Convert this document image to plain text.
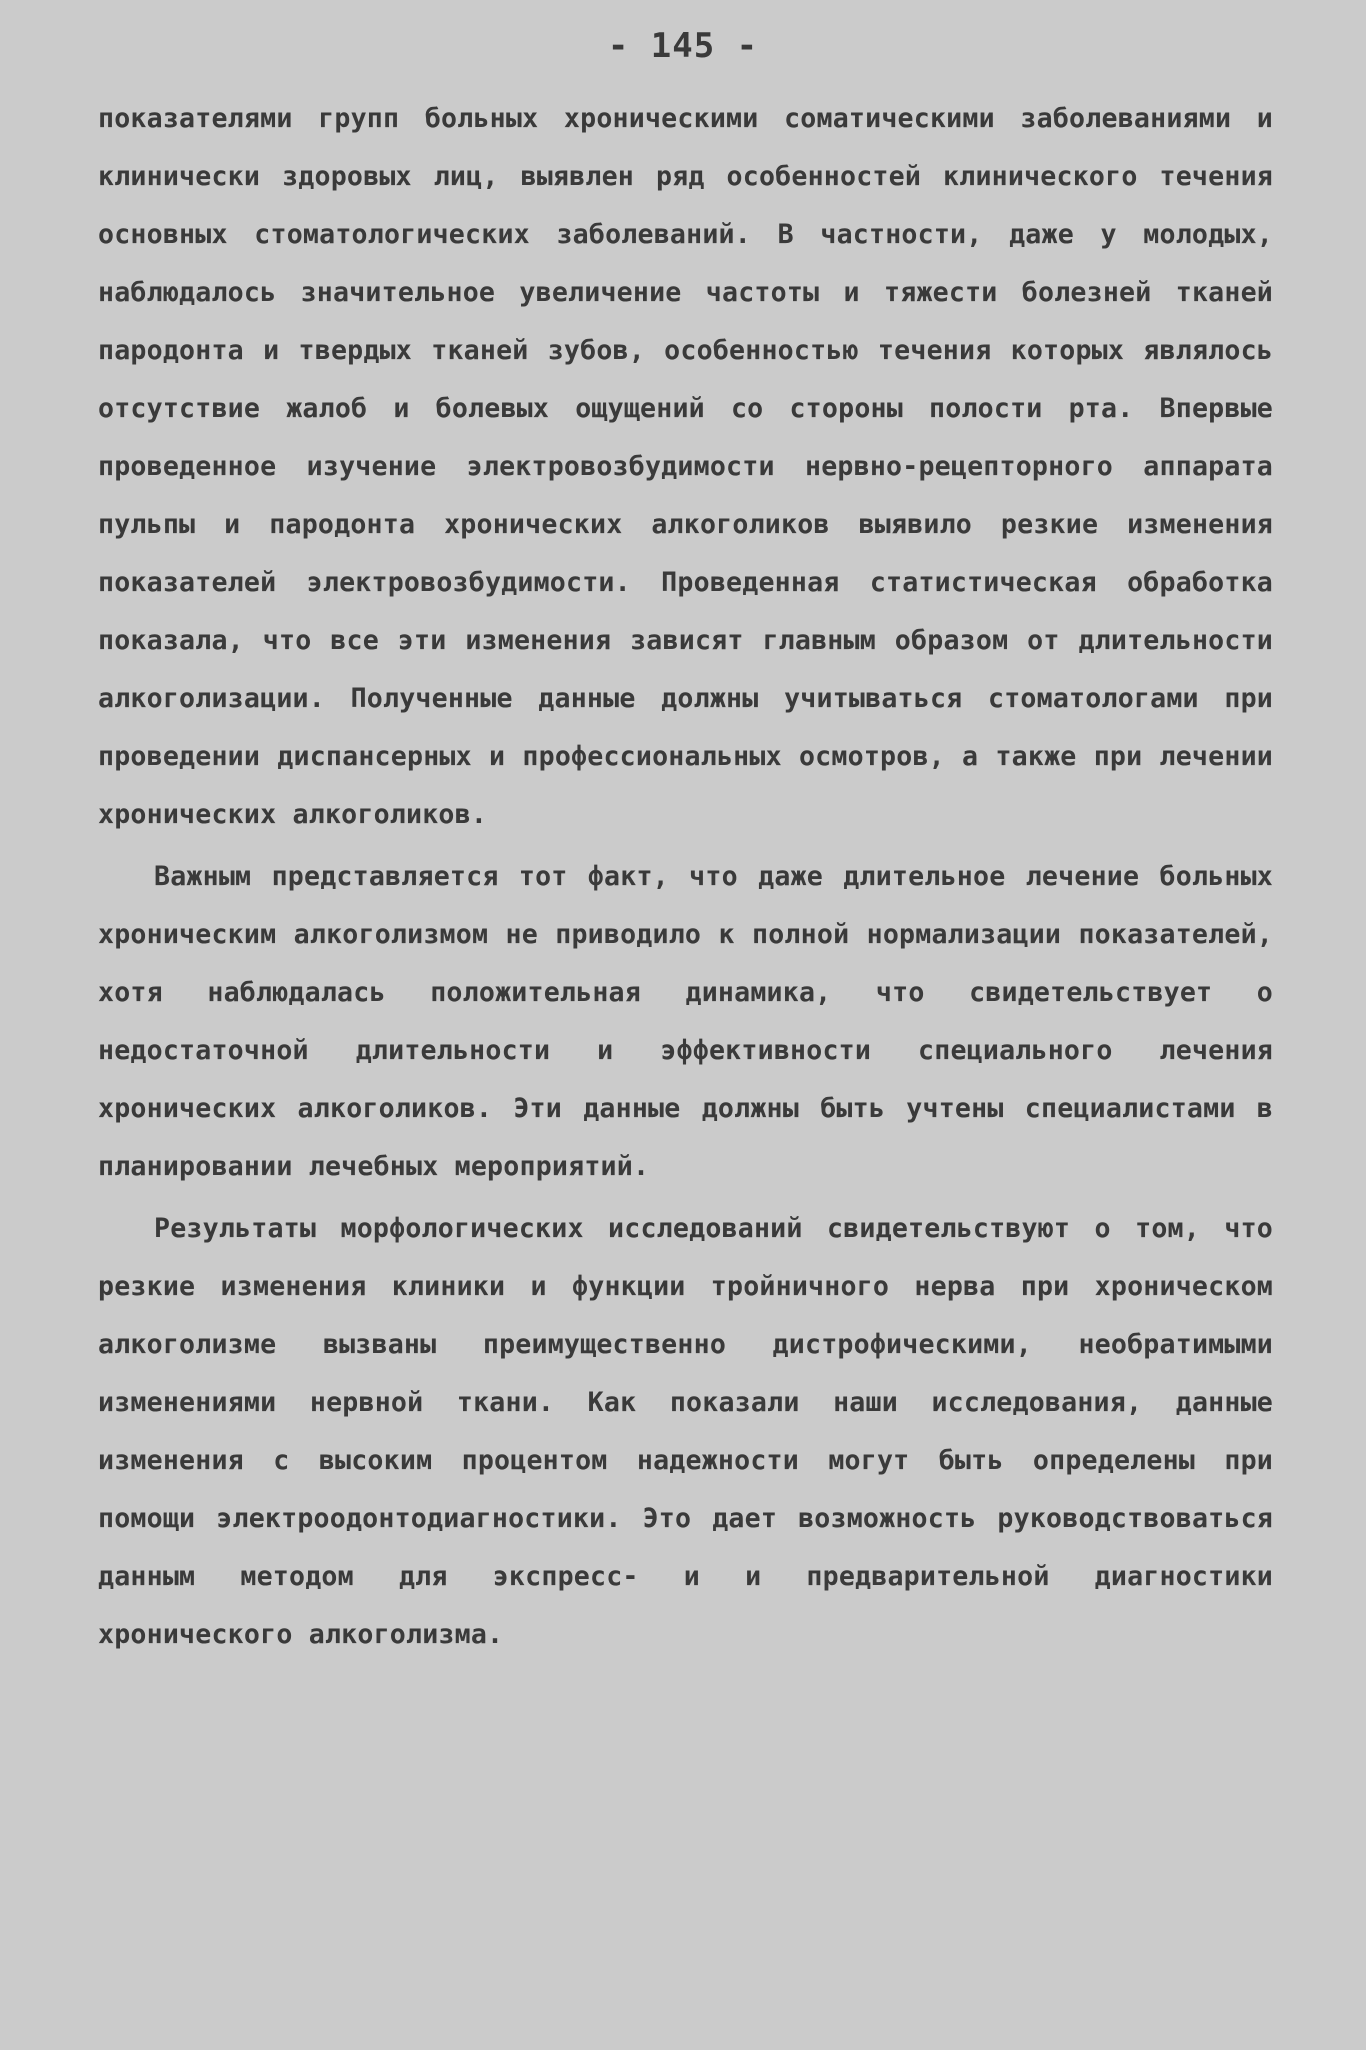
- 145 -

показателями групп больных хроническими соматическими заболеваниями и клинически здоровых лиц, выявлен ряд особенностей клинического течения основных стоматологических заболеваний. В частности, даже у молодых, наблюдалось значительное увеличение частоты и тяжести болезней тканей пародонта и твердых тканей зубов, особенностью течения которых являлось отсутствие жалоб и болевых ощущений со стороны полости рта. Впервые проведенное изучение электровозбудимости нервно-рецепторного аппарата пульпы и пародонта хронических алкоголиков выявило резкие изменения показателей электровозбудимости. Проведенная статистическая обработка показала, что все эти изменения зависят главным образом от длительности алкоголизации. Полученные данные должны учитываться стоматологами при проведении диспансерных и профессиональных осмотров, а также при лечении хронических алкоголиков.

Важным представляется тот факт, что даже длительное лечение больных хроническим алкоголизмом не приводило к полной нормализации показателей, хотя наблюдалась положительная динамика, что свидетельствует о недостаточной длительности и эффективности специального лечения хронических алкоголиков. Эти данные должны быть учтены специалистами в планировании лечебных мероприятий.

Результаты морфологических исследований свидетельствуют о том, что резкие изменения клиники и функции тройничного нерва при хроническом алкоголизме вызваны преимущественно дистрофическими, необратимыми изменениями нервной ткани. Как показали наши исследования, данные изменения с высоким процентом надежности могут быть определены при помощи электроодонтодиагностики. Это дает возможность руководствоваться данным методом для экспресс- и и предварительной диагностики хронического алкоголизма.
